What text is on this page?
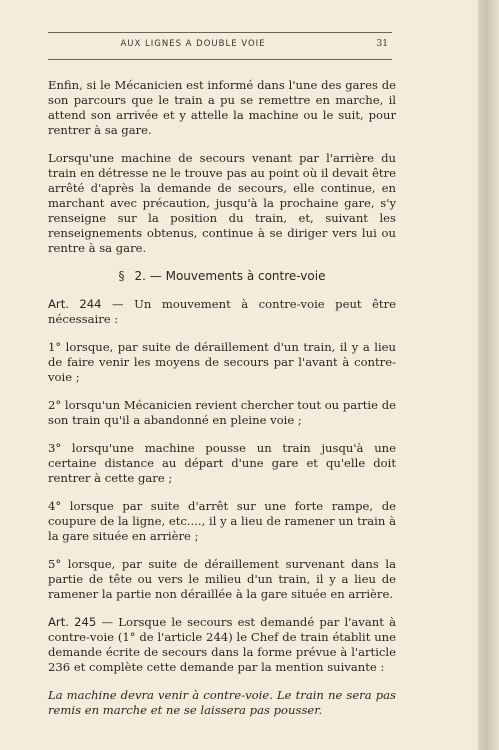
AUX LIGNES A DOUBLE VOIE	31

Enfin, si le Mécanicien est informé dans l'une des gares de son parcours que le train a pu se remettre en marche, il attend son arrivée et y attelle la machine ou le suit, pour rentrer à sa gare.

Lorsqu'une machine de secours venant par l'arrière du train en détresse ne le trouve pas au point où il devait être arrêté d'après la demande de secours, elle continue, en marchant avec précaution, jusqu'à la prochaine gare, s'y renseigne sur la position du train, et, suivant les renseignements obtenus, continue à se diriger vers lui ou rentre à sa gare.

§ 2. — Mouvements à contre-voie

Art. 244 — Un mouvement à contre-voie peut être nécessaire :

1° lorsque, par suite de déraillement d'un train, il y a lieu de faire venir les moyens de secours par l'avant à contre-voie ;

2° lorsqu'un Mécanicien revient chercher tout ou partie de son train qu'il a abandonné en pleine voie ;

3° lorsqu'une machine pousse un train jusqu'à une certaine distance au départ d'une gare et qu'elle doit rentrer à cette gare ;

4° lorsque par suite d'arrêt sur une forte rampe, de coupure de la ligne, etc...., il y a lieu de ramener un train à la gare située en arrière ;

5° lorsque, par suite de déraillement survenant dans la partie de tête ou vers le milieu d'un train, il y a lieu de ramener la partie non déraillée à la gare située en arrière.

Art. 245 — Lorsque le secours est demandé par l'avant à contre-voie (1° de l'article 244) le Chef de train établit une demande écrite de secours dans la forme prévue à l'article 236 et complète cette demande par la mention suivante :

La machine devra venir à contre-voie. Le train ne sera pas remis en marche et ne se laissera pas pousser.
